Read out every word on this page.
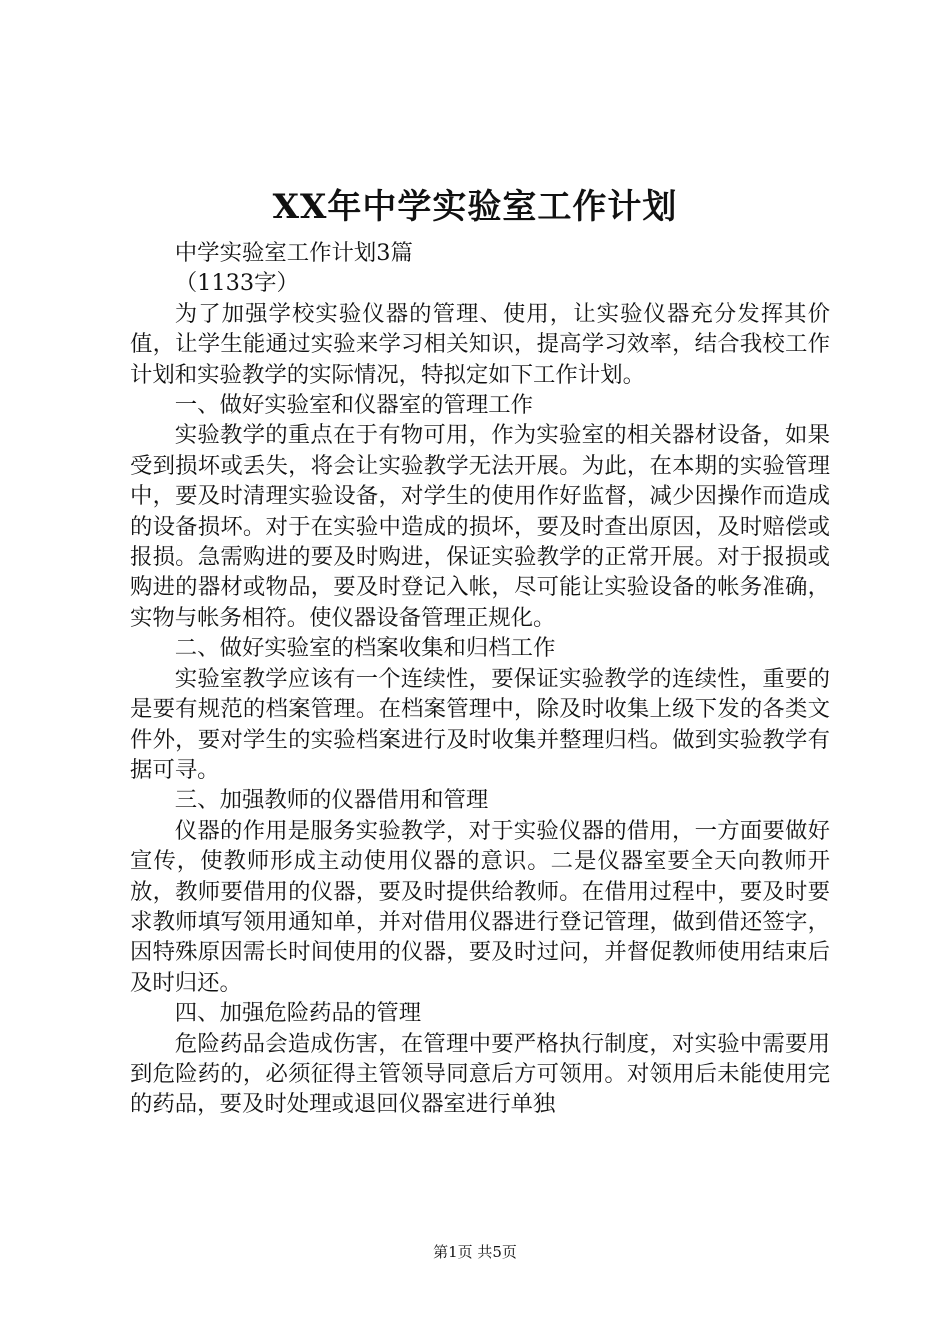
XX年中学实验室工作计划

中学实验室工作计划3篇

（1133字）

为了加强学校实验仪器的管理、使用，让实验仪器充分发挥其价值，让学生能通过实验来学习相关知识，提高学习效率，结合我校工作计划和实验教学的实际情况，特拟定如下工作计划。

一、做好实验室和仪器室的管理工作

实验教学的重点在于有物可用，作为实验室的相关器材设备，如果受到损坏或丢失，将会让实验教学无法开展。为此，在本期的实验管理中，要及时清理实验设备，对学生的使用作好监督，减少因操作而造成的设备损坏。对于在实验中造成的损坏，要及时查出原因，及时赔偿或报损。急需购进的要及时购进，保证实验教学的正常开展。对于报损或购进的器材或物品，要及时登记入帐，尽可能让实验设备的帐务准确，实物与帐务相符。使仪器设备管理正规化。

二、做好实验室的档案收集和归档工作

实验室教学应该有一个连续性，要保证实验教学的连续性，重要的是要有规范的档案管理。在档案管理中，除及时收集上级下发的各类文件外，要对学生的实验档案进行及时收集并整理归档。做到实验教学有据可寻。

三、加强教师的仪器借用和管理

仪器的作用是服务实验教学，对于实验仪器的借用，一方面要做好宣传，使教师形成主动使用仪器的意识。二是仪器室要全天向教师开放，教师要借用的仪器，要及时提供给教师。在借用过程中，要及时要求教师填写领用通知单，并对借用仪器进行登记管理，做到借还签字，因特殊原因需长时间使用的仪器，要及时过问，并督促教师使用结束后及时归还。

四、加强危险药品的管理

危险药品会造成伤害，在管理中要严格执行制度，对实验中需要用到危险药的，必须征得主管领导同意后方可领用。对领用后未能使用完的药品，要及时处理或退回仪器室进行单独

第1页 共5页
